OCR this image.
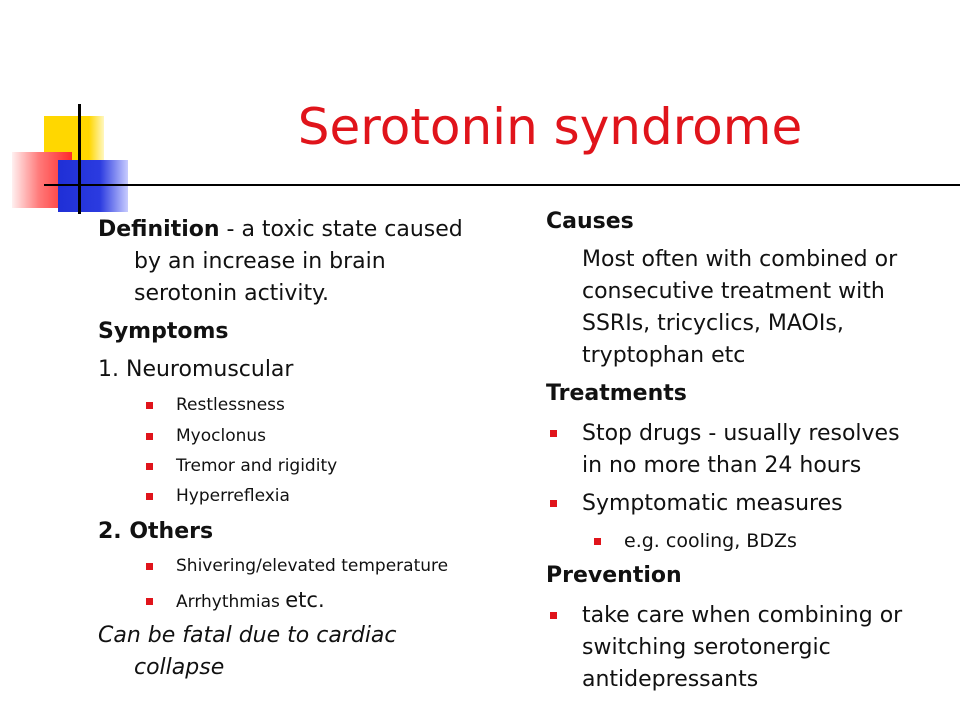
Serotonin syndrome
Definition - a toxic state caused
by an increase in brain
serotonin activity.
Symptoms
1. Neuromuscular
Restlessness
Myoclonus
Tremor and rigidity
Hyperreflexia
2. Others
Shivering/elevated temperature
Arrhythmias etc.
Can be fatal due to cardiac
collapse
Causes
Most often with combined or
consecutive treatment with
SSRIs, tricyclics, MAOIs,
tryptophan etc
Treatments
Stop drugs - usually resolves
in no more than 24 hours
Symptomatic measures
e.g. cooling, BDZs
Prevention
take care when combining or
switching serotonergic
antidepressants
